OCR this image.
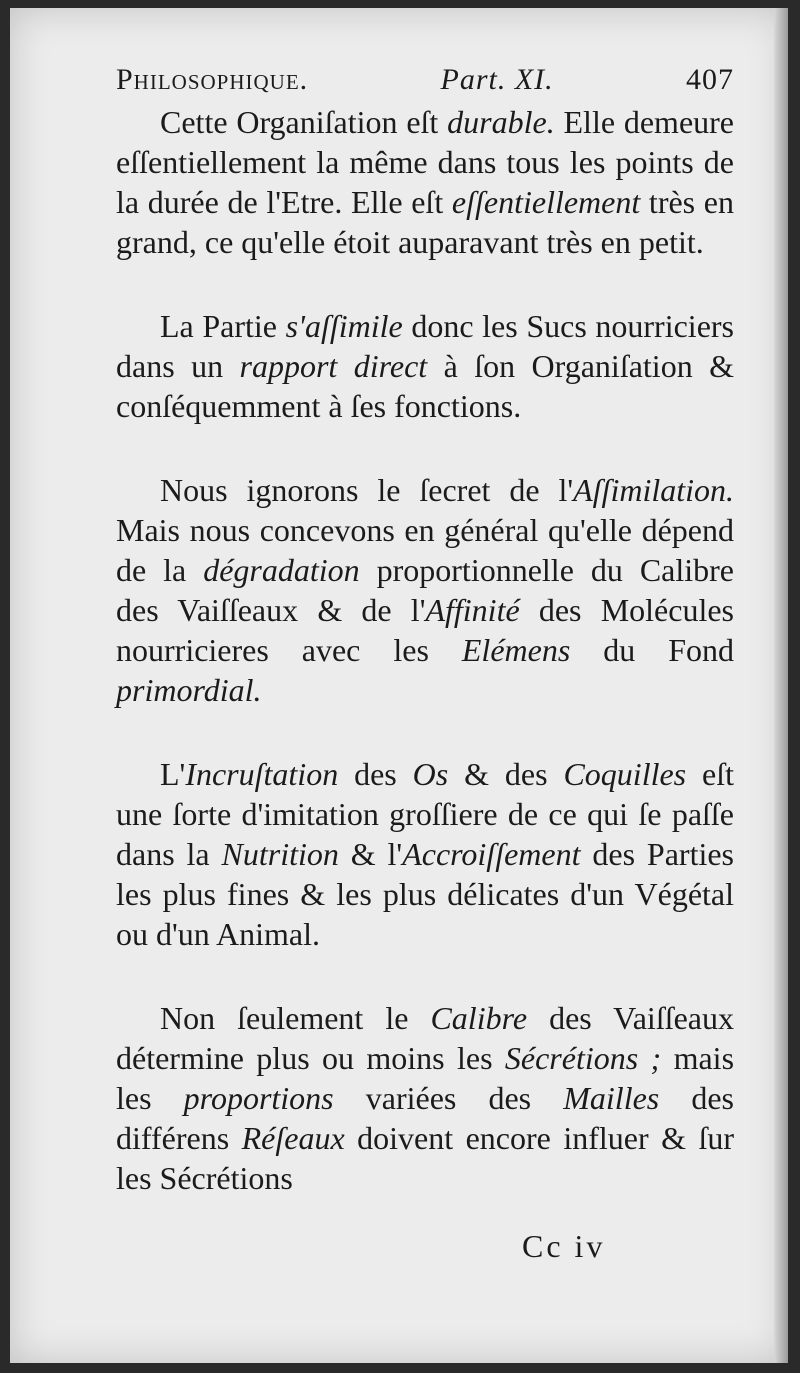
Philosophique.	Part. XI.	407

Cette Organiſation eſt durable. Elle demeure eſſentiellement la même dans tous les points de la durée de l'Etre. Elle eſt eſſentiellement très en grand, ce qu'elle étoit auparavant très en petit.

La Partie s'aſſimile donc les Sucs nourriciers dans un rapport direct à ſon Organiſation & conſéquemment à ſes fonctions.

Nous ignorons le ſecret de l'Aſſimilation. Mais nous concevons en général qu'elle dépend de la dégradation proportionnelle du Calibre des Vaiſſeaux & de l'Affinité des Molécules nourricieres avec les Elémens du Fond primordial.

L'Incruſtation des Os & des Coquilles eſt une ſorte d'imitation groſſiere de ce qui ſe paſſe dans la Nutrition & l'Accroiſſement des Parties les plus fines & les plus délicates d'un Végétal ou d'un Animal.

Non ſeulement le Calibre des Vaiſſeaux détermine plus ou moins les Sécrétions ; mais les proportions variées des Mailles des différens Réſeaux doivent encore influer & ſur les Sécrétions

Cc iv
